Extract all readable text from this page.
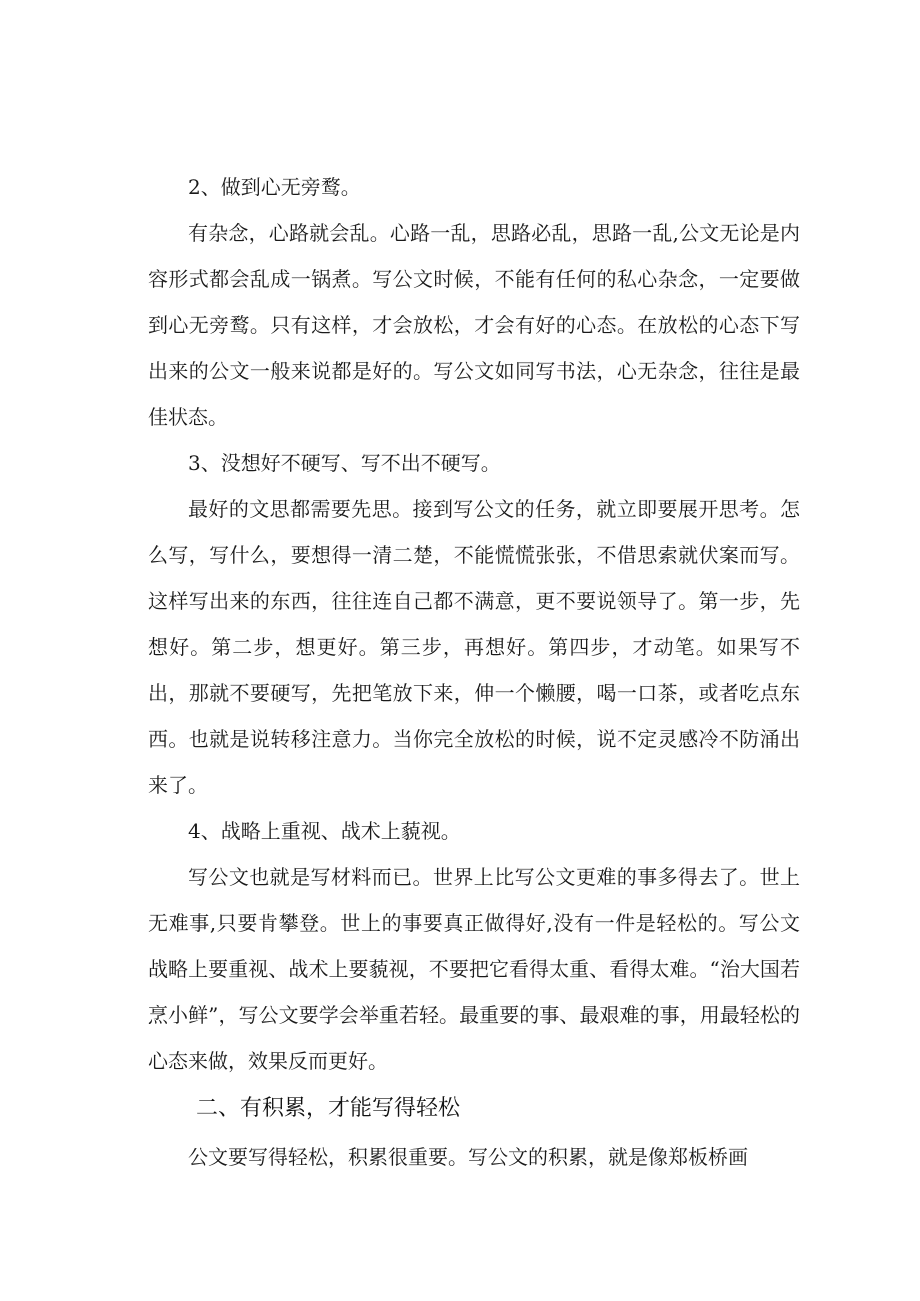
2、做到心无旁鹜。

有杂念，心路就会乱。心路一乱，思路必乱，思路一乱,公文无论是内容形式都会乱成一锅煮。写公文时候，不能有任何的私心杂念，一定要做到心无旁鹜。只有这样，才会放松，才会有好的心态。在放松的心态下写出来的公文一般来说都是好的。写公文如同写书法，心无杂念，往往是最佳状态。

3、没想好不硬写、写不出不硬写。

最好的文思都需要先思。接到写公文的任务，就立即要展开思考。怎么写，写什么，要想得一清二楚，不能慌慌张张，不借思索就伏案而写。这样写出来的东西，往往连自己都不满意，更不要说领导了。第一步，先想好。第二步，想更好。第三步，再想好。第四步，才动笔。如果写不出，那就不要硬写，先把笔放下来，伸一个懒腰，喝一口茶，或者吃点东西。也就是说转移注意力。当你完全放松的时候，说不定灵感冷不防涌出来了。

4、战略上重视、战术上藐视。

写公文也就是写材料而已。世界上比写公文更难的事多得去了。世上无难事,只要肯攀登。世上的事要真正做得好,没有一件是轻松的。写公文战略上要重视、战术上要藐视，不要把它看得太重、看得太难。“治大国若烹小鲜”，写公文要学会举重若轻。最重要的事、最艰难的事，用最轻松的心态来做，效果反而更好。

二、有积累，才能写得轻松

公文要写得轻松，积累很重要。写公文的积累，就是像郑板桥画
